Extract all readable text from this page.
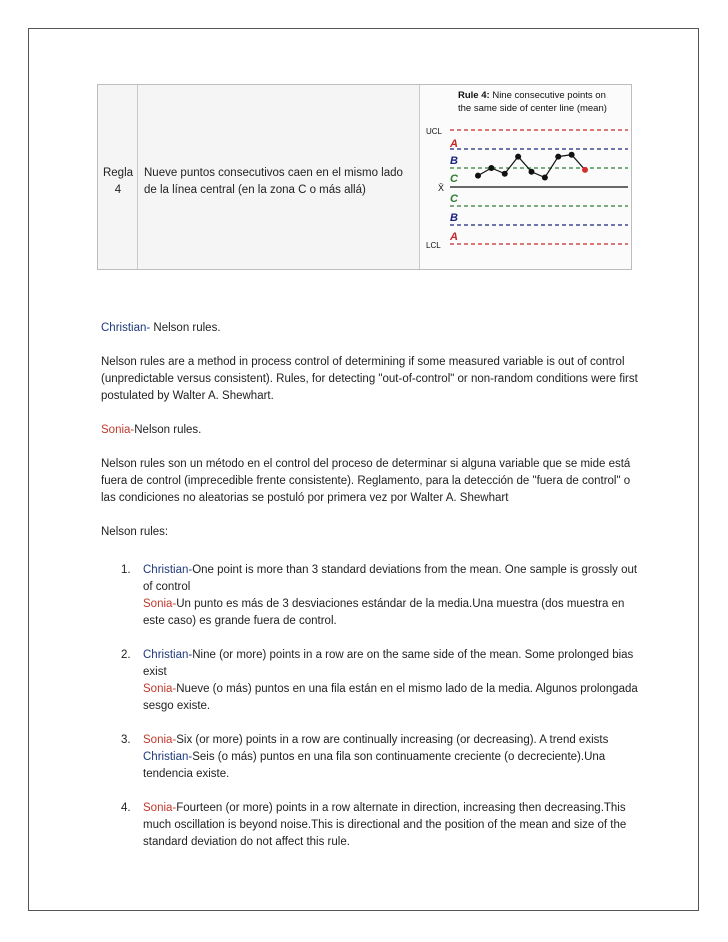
Regla
4
Nueve puntos consecutivos caen en el mismo lado
de la línea central (en la zona C o más allá)
Rule 4: Nine consecutive points on
the same side of center line (mean)
UCL
LCL
X̄
A
B
C
C
B
A

Christian- Nelson rules.

Nelson rules are a method in process control of determining if some measured variable is out of control (unpredictable versus consistent). Rules, for detecting "out-of-control" or non-random conditions were first postulated by Walter A. Shewhart.

Sonia-Nelson rules.

Nelson rules son un método en el control del proceso de determinar si alguna variable que se mide está fuera de control (imprecedible frente consistente). Reglamento, para la detección de "fuera de control" o las condiciones no aleatorias se postuló por primera vez por Walter A. Shewhart

Nelson rules:

1. Christian-One point is more than 3 standard deviations from the mean. One sample is grossly out of control
Sonia-Un punto es más de 3 desviaciones estándar de la media.Una muestra (dos muestra en este caso) es grande fuera de control.
2. Christian-Nine (or more) points in a row are on the same side of the mean. Some prolonged bias exist
Sonia-Nueve (o más) puntos en una fila están en el mismo lado de la media. Algunos prolongada sesgo existe.
3. Sonia-Six (or more) points in a row are continually increasing (or decreasing). A trend exists
Christian-Seis (o más) puntos en una fila son continuamente creciente (o decreciente).Una tendencia existe.
4. Sonia-Fourteen (or more) points in a row alternate in direction, increasing then decreasing.This much oscillation is beyond noise.This is directional and the position of the mean and size of the standard deviation do not affect this rule.
